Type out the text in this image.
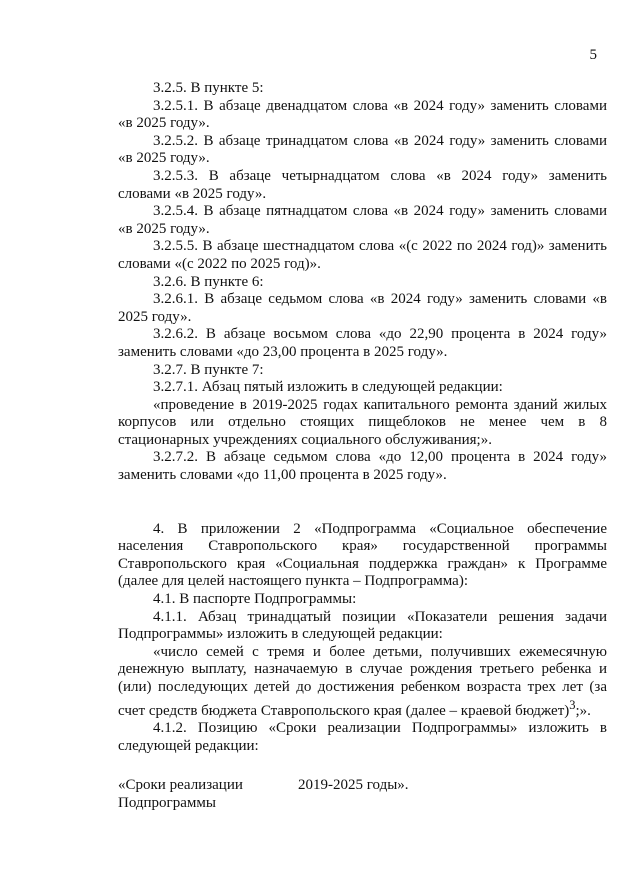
5

3.2.5. В пункте 5:

3.2.5.1. В абзаце двенадцатом слова «в 2024 году» заменить словами «в 2025 году».

3.2.5.2. В абзаце тринадцатом слова «в 2024 году» заменить словами «в 2025 году».

3.2.5.3. В абзаце четырнадцатом слова «в 2024 году» заменить словами «в 2025 году».

3.2.5.4. В абзаце пятнадцатом слова «в 2024 году» заменить словами «в 2025 году».

3.2.5.5. В абзаце шестнадцатом слова «(с 2022 по 2024 год)» заменить словами «(с 2022 по 2025 год)».

3.2.6. В пункте 6:

3.2.6.1. В абзаце седьмом слова «в 2024 году» заменить словами «в 2025 году».

3.2.6.2. В абзаце восьмом слова «до 22,90 процента в 2024 году» заменить словами «до 23,00 процента в 2025 году».

3.2.7. В пункте 7:

3.2.7.1. Абзац пятый изложить в следующей редакции:

«проведение в 2019-2025 годах капитального ремонта зданий жилых корпусов или отдельно стоящих пищеблоков не менее чем в 8 стационарных учреждениях социального обслуживания;».

3.2.7.2. В абзаце седьмом слова «до 12,00 процента в 2024 году» заменить словами «до 11,00 процента в 2025 году».

4. В приложении 2 «Подпрограмма «Социальное обеспечение населения Ставропольского края» государственной программы Ставропольского края «Социальная поддержка граждан» к Программе (далее для целей настоящего пункта – Подпрограмма):

4.1. В паспорте Подпрограммы:

4.1.1. Абзац тринадцатый позиции «Показатели решения задачи Подпрограммы» изложить в следующей редакции:

«число семей с тремя и более детьми, получивших ежемесячную денежную выплату, назначаемую в случае рождения третьего ребенка и (или) последующих детей до достижения ребенком возраста трех лет (за счет средств бюджета Ставропольского края (далее – краевой бюджет)$^3$;».

4.1.2. Позицию «Сроки реализации Подпрограммы» изложить в следующей редакции:

«Сроки реализации
Подпрограммы
2019-2025 годы».
